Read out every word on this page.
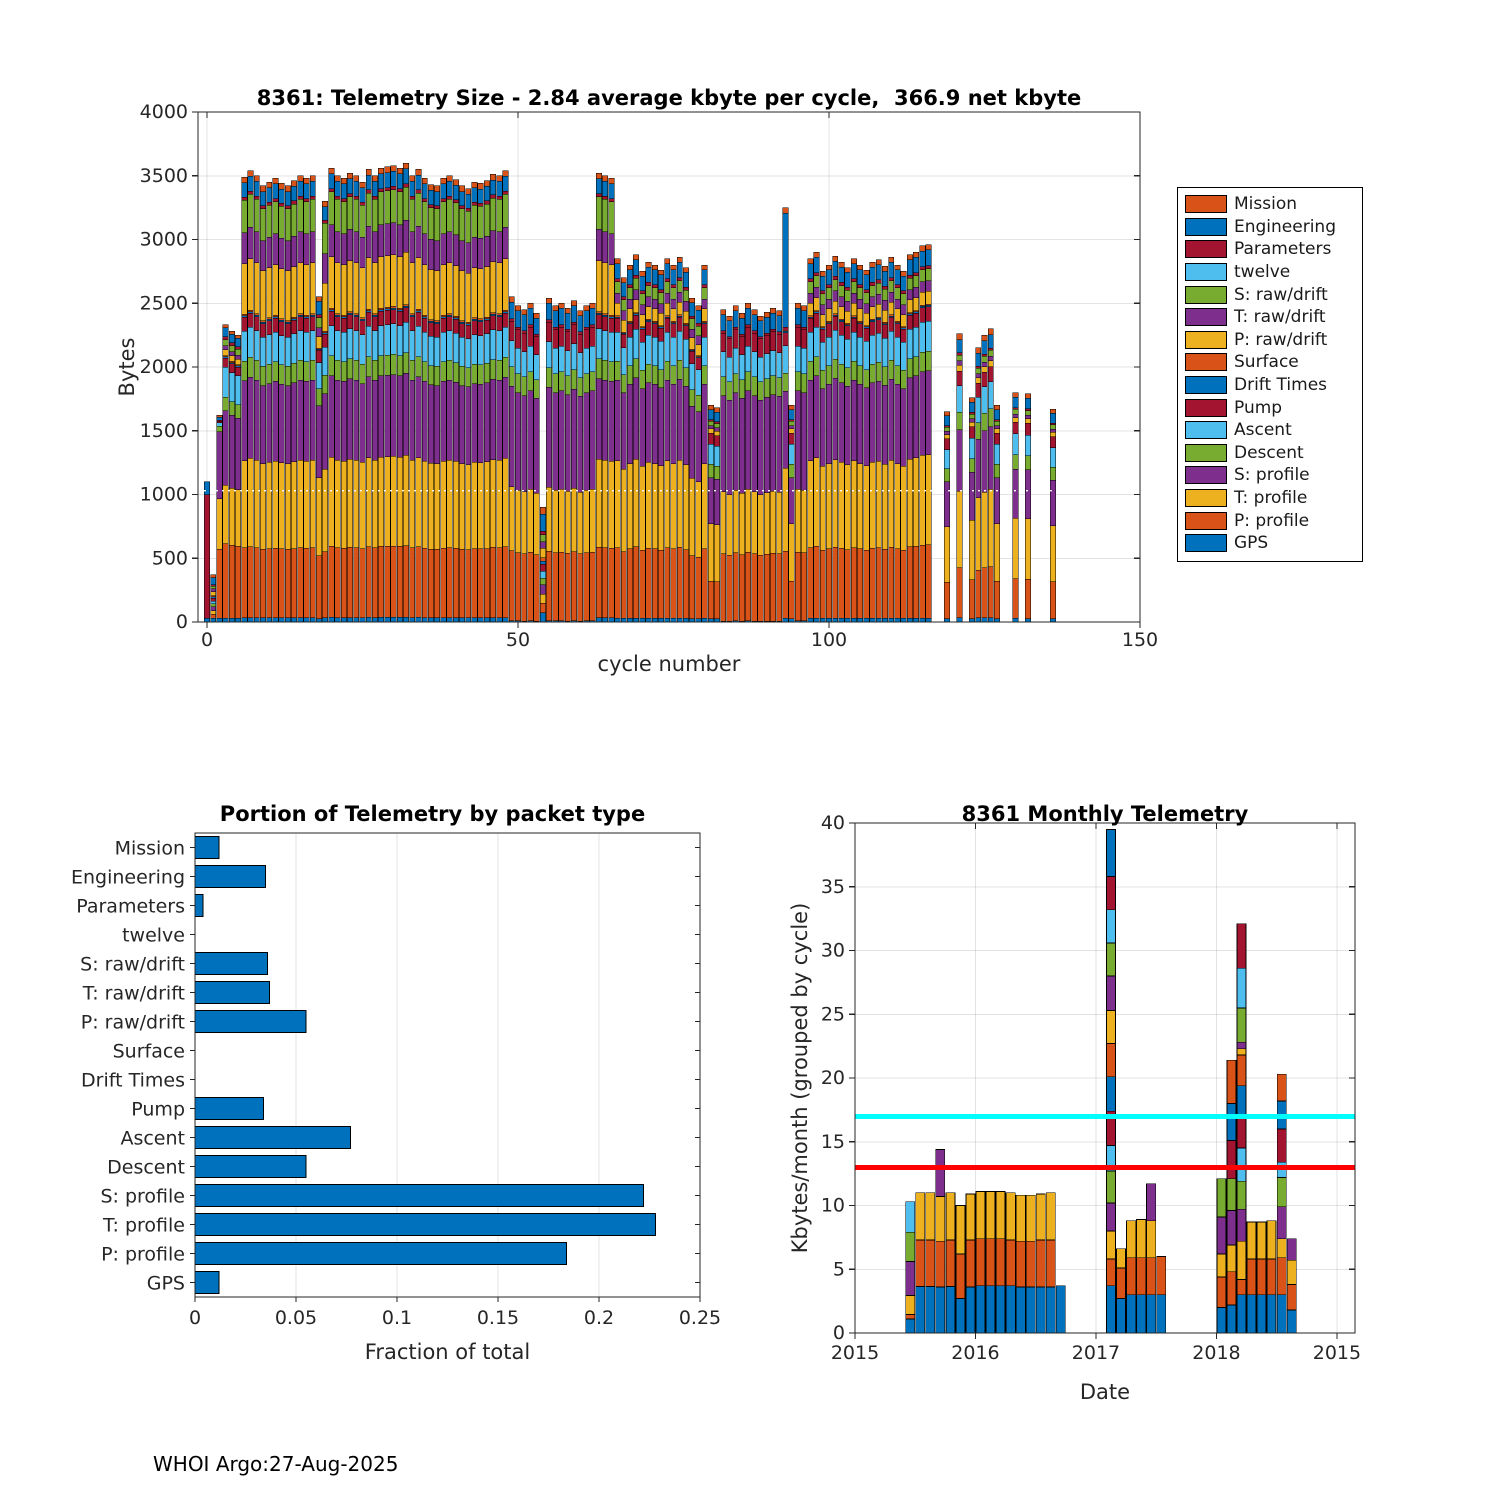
0	50	100	150
0
500
1000
1500
2000
2500
3000
3500
4000
Mission
Engineering
Parameters
twelve
S: raw/drift
T: raw/drift
P: raw/drift
Surface
Drift Times
Pump
Ascent
Descent
S: profile
T: profile
P: profile
GPS
0	0.05	0.1	0.15	0.2	0.25
2015	2016	2017	2018	2015
0
5
10
15
20
25
30
35
40
8361: Telemetry Size - 2.84 average kbyte per cycle,  366.9 net kbyte
Bytes
cycle number
Portion of Telemetry by packet type
Fraction of total
8361 Monthly Telemetry
Kbytes/month (grouped by cycle)
Date
Mission
Engineering
Parameters
twelve
S: raw/drift
T: raw/drift
P: raw/drift
Surface
Drift Times
Pump
Ascent
Descent
S: profile
T: profile
P: profile
GPS
WHOI Argo:27-Aug-2025
